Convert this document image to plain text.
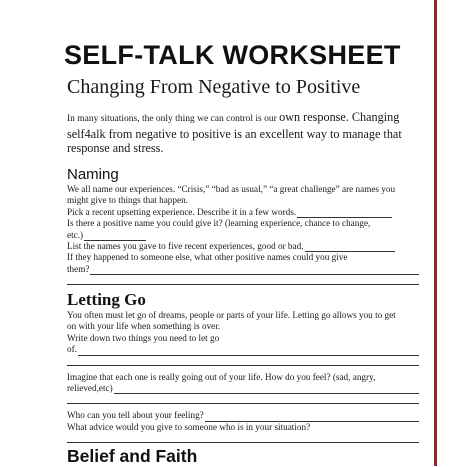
SELF-TALK WORKSHEET
Changing From Negative to Positive
In many situations, the only thing we can control is our own response. Changing self4alk from negative to positive is an excellent way to manage that response and stress.
Naming
We all name our experiences. “Crisis,” “bad as usual,” “a great challenge” are names you
might give to things that happen.
Pick a recent upsetting experience. Describe it in a few words.
Is there a positive name you could give it? (learning experience, chance to change,
etc.)
List the names you gave to five recent experiences, good or bad.
If they happened to someone else, what other positive names could you give
them?
Letting Go
You often must let go of dreams, people or parts of your life. Letting go allows you to get
on with your life when something is over.
Write down two things you need to let go
of.
Imagine that each one is really going out of your life. How do you feel? (sad, angry,
relieved,etc)
Who can you tell about your feeling?
What advice would you give to someone who is in your situation?
Belief and Faith
